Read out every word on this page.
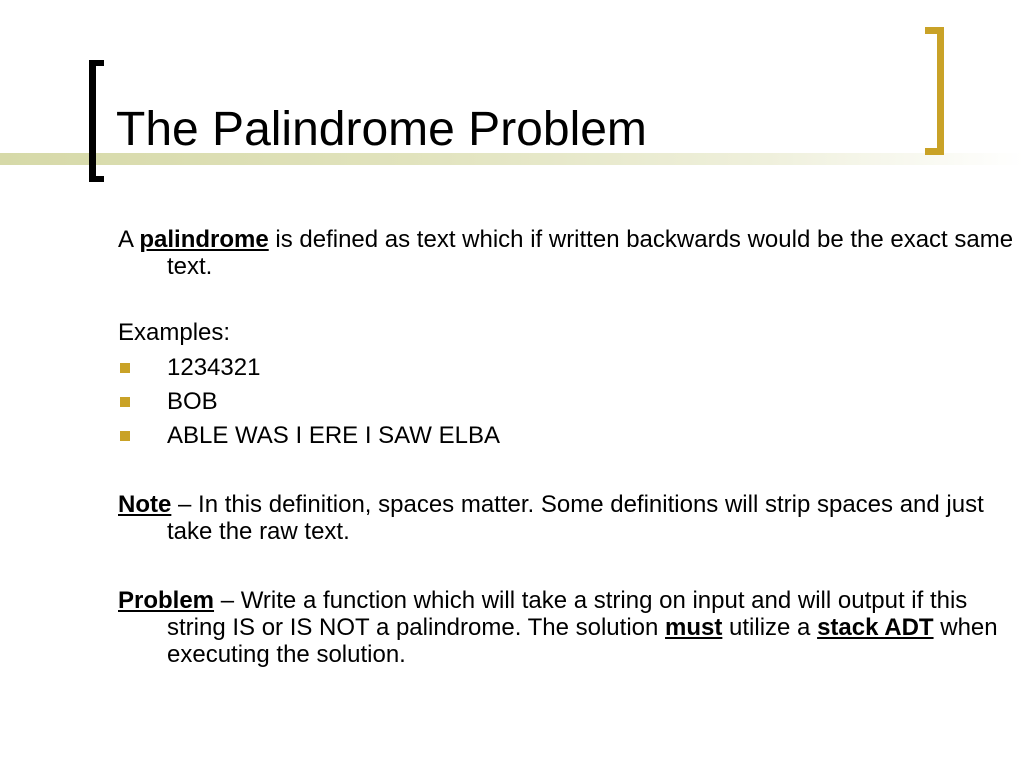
The Palindrome Problem

A palindrome is defined as text which if written backwards would be the exact same text.

Examples:

1234321
BOB
ABLE WAS I ERE I SAW ELBA

Note – In this definition, spaces matter. Some definitions will strip spaces and just take the raw text.

Problem – Write a function which will take a string on input and will output if this string IS or IS NOT a palindrome. The solution must utilize a stack ADT when executing the solution.
